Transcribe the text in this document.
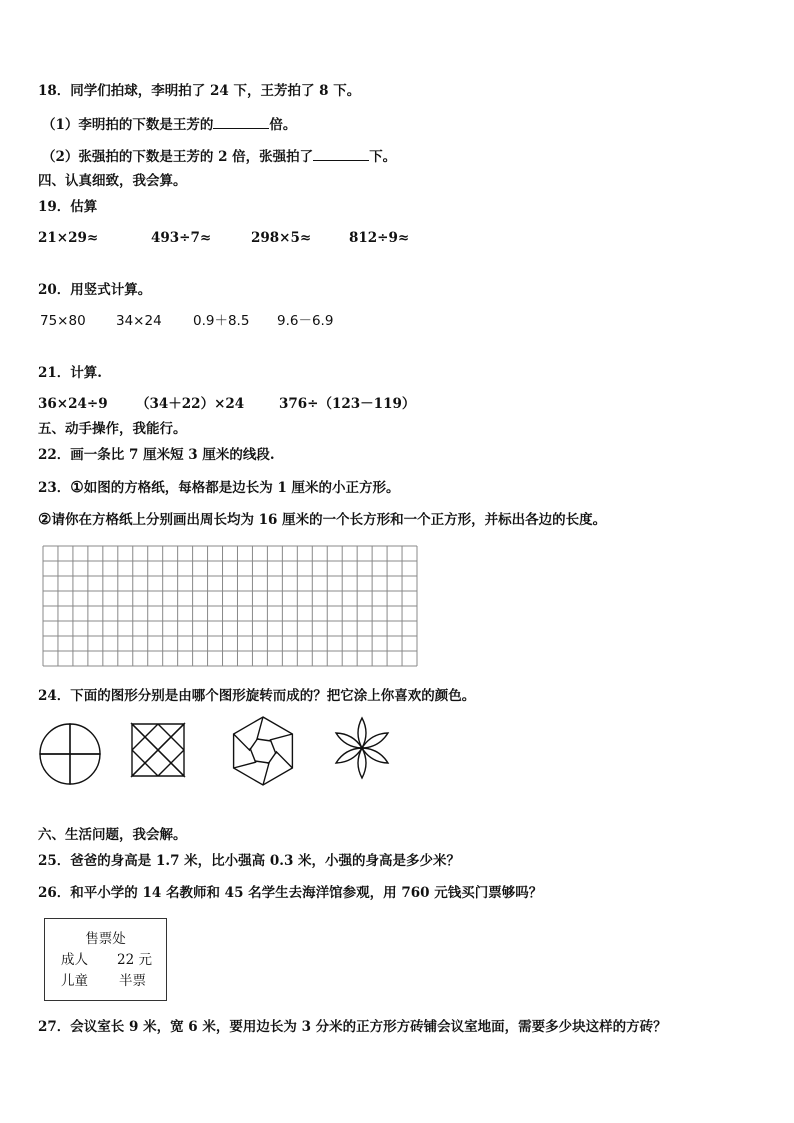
18．同学们拍球，李明拍了 24 下，王芳拍了 8 下。
（1）李明拍的下数是王芳的	倍。
（2）张强拍的下数是王芳的 2 倍，张强拍了	下。
四、认真细致，我会算。
19．估算
21×29≈	493÷7≈	298×5≈	812÷9≈
20．用竖式计算。
75×80 34×24 0.9＋8.5 9.6－6.9
21．计算.
36×24÷9 （34＋22）×24	376÷（123－119）
五、动手操作，我能行。
22．画一条比 7 厘米短 3 厘米的线段.
23．①如图的方格纸，每格都是边长为 1 厘米的小正方形。
②请你在方格纸上分别画出周长均为 16 厘米的一个长方形和一个正方形，并标出各边的长度。
24．下面的图形分别是由哪个图形旋转而成的？把它涂上你喜欢的颜色。
六、生活问题，我会解。
25．爸爸的身高是 1.7 米，比小强高 0.3 米，小强的身高是多少米？
26．和平小学的 14 名教师和 45 名学生去海洋馆参观，用 760 元钱买门票够吗？
售票处
成人 22 元
儿童 半票
27．会议室长 9 米，宽 6 米，要用边长为 3 分米的正方形方砖铺会议室地面，需要多少块这样的方砖？
